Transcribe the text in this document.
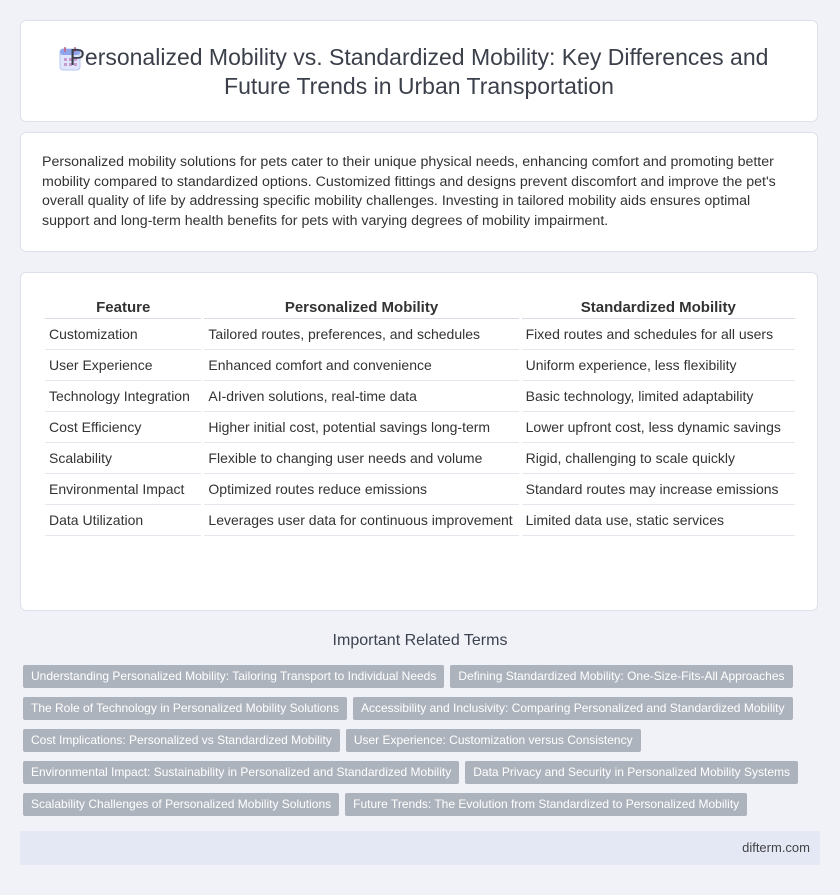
Personalized Mobility vs. Standardized Mobility: Key Differences and Future Trends in Urban Transportation
Personalized mobility solutions for pets cater to their unique physical needs, enhancing comfort and promoting better mobility compared to standardized options. Customized fittings and designs prevent discomfort and improve the pet's overall quality of life by addressing specific mobility challenges. Investing in tailored mobility aids ensures optimal support and long-term health benefits for pets with varying degrees of mobility impairment.
Feature	Personalized Mobility	Standardized Mobility
Customization	Tailored routes, preferences, and schedules	Fixed routes and schedules for all users
User Experience	Enhanced comfort and convenience	Uniform experience, less flexibility
Technology Integration	AI-driven solutions, real-time data	Basic technology, limited adaptability
Cost Efficiency	Higher initial cost, potential savings long-term	Lower upfront cost, less dynamic savings
Scalability	Flexible to changing user needs and volume	Rigid, challenging to scale quickly
Environmental Impact	Optimized routes reduce emissions	Standard routes may increase emissions
Data Utilization	Leverages user data for continuous improvement	Limited data use, static services
Important Related Terms
Understanding Personalized Mobility: Tailoring Transport to Individual Needs Defining Standardized Mobility: One-Size-Fits-All Approaches
The Role of Technology in Personalized Mobility Solutions Accessibility and Inclusivity: Comparing Personalized and Standardized Mobility
Cost Implications: Personalized vs Standardized Mobility User Experience: Customization versus Consistency
Environmental Impact: Sustainability in Personalized and Standardized Mobility Data Privacy and Security in Personalized Mobility Systems
Scalability Challenges of Personalized Mobility Solutions Future Trends: The Evolution from Standardized to Personalized Mobility
difterm.com
